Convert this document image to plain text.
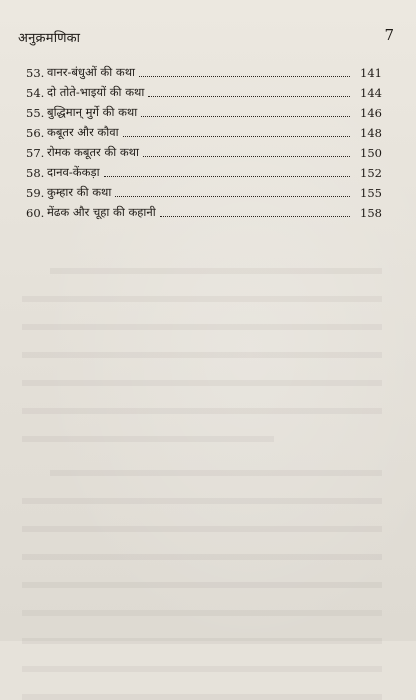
अनुक्रमणिका	7
53. वानर-बंधुओं की कथा	141
54. दो तोते-भाइयों की कथा	144
55. बुद्धिमान् मुर्गे की कथा	146
56. कबूतर और कौवा	148
57. रोमक कबूतर की कथा	150
58. दानव-केंकड़ा	152
59. कुम्हार की कथा	155
60. मेंढक और चूहा की कहानी	158
